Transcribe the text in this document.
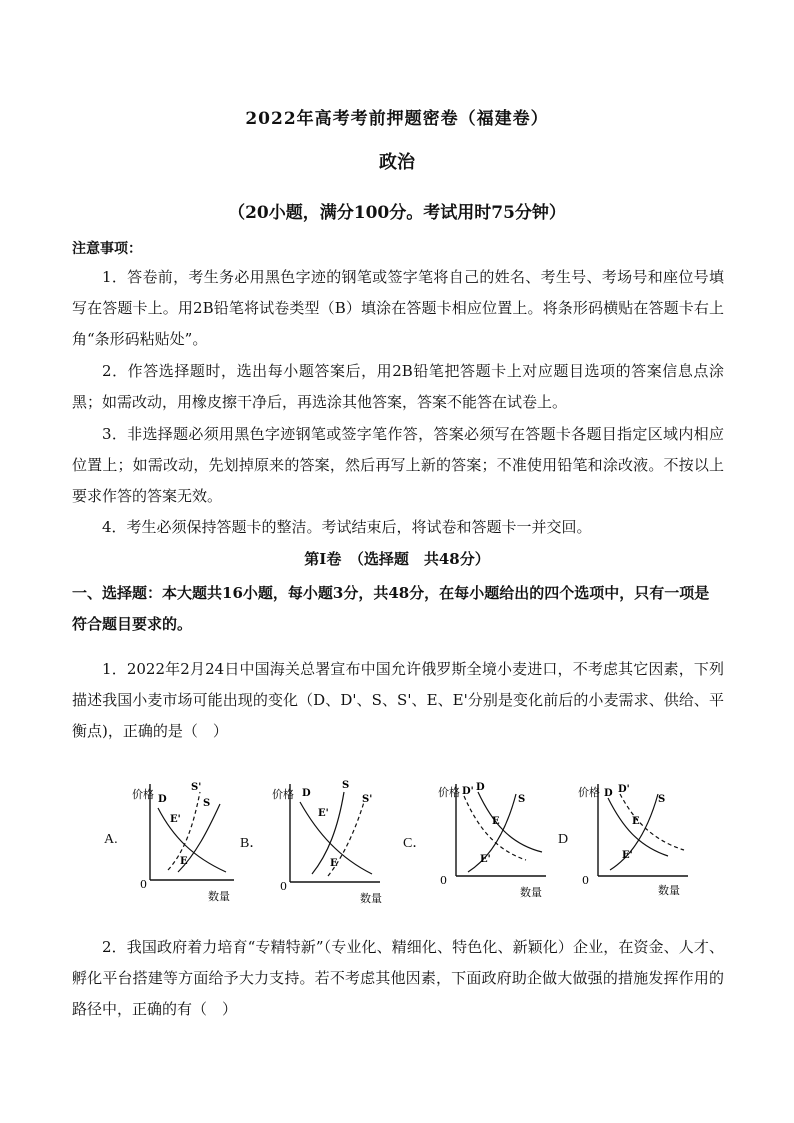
2022年高考考前押题密卷（福建卷）
政治
（20小题，满分100分。考试用时75分钟）
注意事项：
1．答卷前，考生务必用黑色字迹的钢笔或签字笔将自己的姓名、考生号、考场号和座位号填写在答题卡上。用2B铅笔将试卷类型（B）填涂在答题卡相应位置上。将条形码横贴在答题卡右上角“条形码粘贴处”。
2．作答选择题时，选出每小题答案后，用2B铅笔把答题卡上对应题目选项的答案信息点涂黑；如需改动，用橡皮擦干净后，再选涂其他答案，答案不能答在试卷上。
3．非选择题必须用黑色字迹钢笔或签字笔作答，答案必须写在答题卡各题目指定区域内相应位置上；如需改动，先划掉原来的答案，然后再写上新的答案；不准使用铅笔和涂改液。不按以上要求作答的答案无效。
4．考生必须保持答题卡的整洁。考试结束后，将试卷和答题卡一并交回。
第Ⅰ卷　（选择题　共48分）
一、选择题：本大题共16小题，每小题3分，共48分，在每小题给出的四个选项中，只有一项是符合题目要求的。
1．2022年2月24日中国海关总署宣布中国允许俄罗斯全境小麦进口，不考虑其它因素，下列描述我国小麦市场可能出现的变化（D、D'、S、S'、E、E'分别是变化前后的小麦需求、供给、平衡点)，正确的是（　）
A.	B．	C．	D
价格
0
数量
D
S'
S
E'
E
价格
0
数量
D
S
S'
E'
E
价格
0
数量
D' D
S
E
E'
价格
0
数量
D D'
S
E
E'
2．我国政府着力培育“专精特新”（专业化、精细化、特色化、新颖化）企业，在资金、人才、孵化平台搭建等方面给予大力支持。若不考虑其他因素，下面政府助企做大做强的措施发挥作用的路径中，正确的有（　）
